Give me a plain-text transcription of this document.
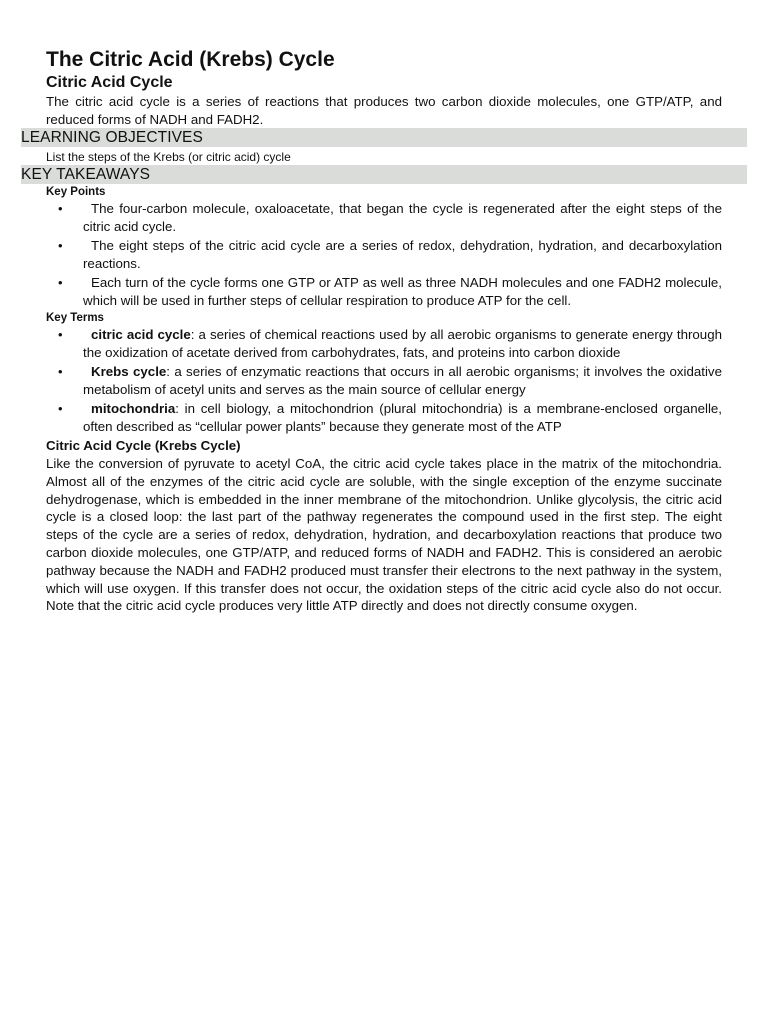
The Citric Acid (Krebs) Cycle
Citric Acid Cycle

The citric acid cycle is a series of reactions that produces two carbon dioxide molecules, one GTP/ATP, and reduced forms of NADH and FADH2.

LEARNING OBJECTIVES

List the steps of the Krebs (or citric acid) cycle

KEY TAKEAWAYS
Key Points
•
The four-carbon molecule, oxaloacetate, that began the cycle is regenerated after the eight steps of the citric acid cycle.
•
The eight steps of the citric acid cycle are a series of redox, dehydration, hydration, and decarboxylation reactions.
•
Each turn of the cycle forms one GTP or ATP as well as three NADH molecules and one FADH2 molecule, which will be used in further steps of cellular respiration to produce ATP for the cell.
Key Terms
•
citric acid cycle: a series of chemical reactions used by all aerobic organisms to generate energy through the oxidization of acetate derived from carbohydrates, fats, and proteins into carbon dioxide
•
Krebs cycle: a series of enzymatic reactions that occurs in all aerobic organisms; it involves the oxidative metabolism of acetyl units and serves as the main source of cellular energy
•
mitochondria: in cell biology, a mitochondrion (plural mitochondria) is a membrane-enclosed organelle, often described as “cellular power plants” because they generate most of the ATP
Citric Acid Cycle (Krebs Cycle)

Like the conversion of pyruvate to acetyl CoA, the citric acid cycle takes place in the matrix of the mitochondria. Almost all of the enzymes of the citric acid cycle are soluble, with the single exception of the enzyme succinate dehydrogenase, which is embedded in the inner membrane of the mitochondrion. Unlike glycolysis, the citric acid cycle is a closed loop: the last part of the pathway regenerates the compound used in the first step. The eight steps of the cycle are a series of redox, dehydration, hydration, and decarboxylation reactions that produce two carbon dioxide molecules, one GTP/ATP, and reduced forms of NADH and FADH2. This is considered an aerobic pathway because the NADH and FADH2 produced must transfer their electrons to the next pathway in the system, which will use oxygen. If this transfer does not occur, the oxidation steps of the citric acid cycle also do not occur. Note that the citric acid cycle produces very little ATP directly and does not directly consume oxygen.
